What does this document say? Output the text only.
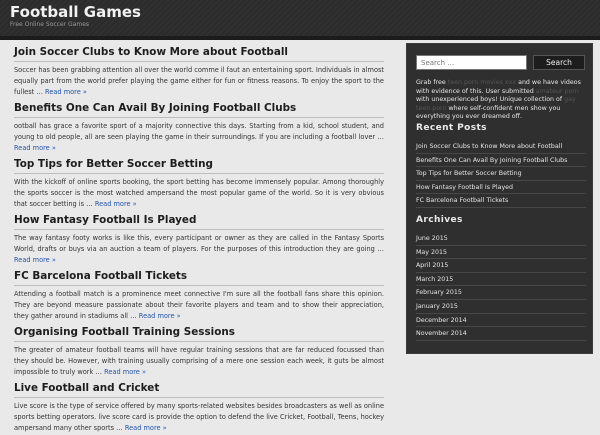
Football Games
Free Online Soccer Games
Join Soccer Clubs to Know More about Football

Soccer has been grabbing attention all over the world comme il faut an entertaining sport. Individuals in almost equally part from the world prefer playing the game either for fun or fitness reasons. To enjoy the sport to the fullest … Read more »

Benefits One Can Avail By Joining Football Clubs

ootball has grace a favorite sport of a majority connective this days. Starting from a kid, school student, and young to old people, all are seen playing the game in their surroundings. If you are including a football lover … Read more »

Top Tips for Better Soccer Betting

With the kickoff of online sports booking, the sport betting has become immensely popular. Among thoroughly the sports soccer is the most watched ampersand the most popular game of the world. So it is very obvious that soccer betting is … Read more »

How Fantasy Football Is Played

The way fantasy footy works is like this, every participant or owner as they are called in the Fantasy Sports World, drafts or buys via an auction a team of players. For the purposes of this introduction they are going … Read more »

FC Barcelona Football Tickets

Attending a football match is a prominence meet connective I'm sure all the football fans share this opinion. They are beyond measure passionate about their favorite players and team and to show their appreciation, they gather around in stadiums all … Read more »

Organising Football Training Sessions

The greater of amateur football teams will have regular training sessions that are far reduced focussed than they should be. However, with training usually comprising of a mere one session each week, it guts be almost impossible to truly work … Read more »

Live Football and Cricket

Live score is the type of service offered by many sports-related websites besides broadcasters as well as online sports betting operators. live score card is provide the option to defend the live Cricket, Football, Teens, hockey ampersand many other sports … Read more »

Search …
Search

Grab free teen porn movies xxx and we have videos with evidence of this. User submitted amateur porn with unexperienced boys! Unique collection of gay teen porn where self-confident men show you everything you ever dreamed off.

Recent Posts
Join Soccer Clubs to Know More about Football
Benefits One Can Avail By Joining Football Clubs
Top Tips for Better Soccer Betting
How Fantasy Football Is Played
FC Barcelona Football Tickets
Archives
June 2015
May 2015
April 2015
March 2015
February 2015
January 2015
December 2014
November 2014
